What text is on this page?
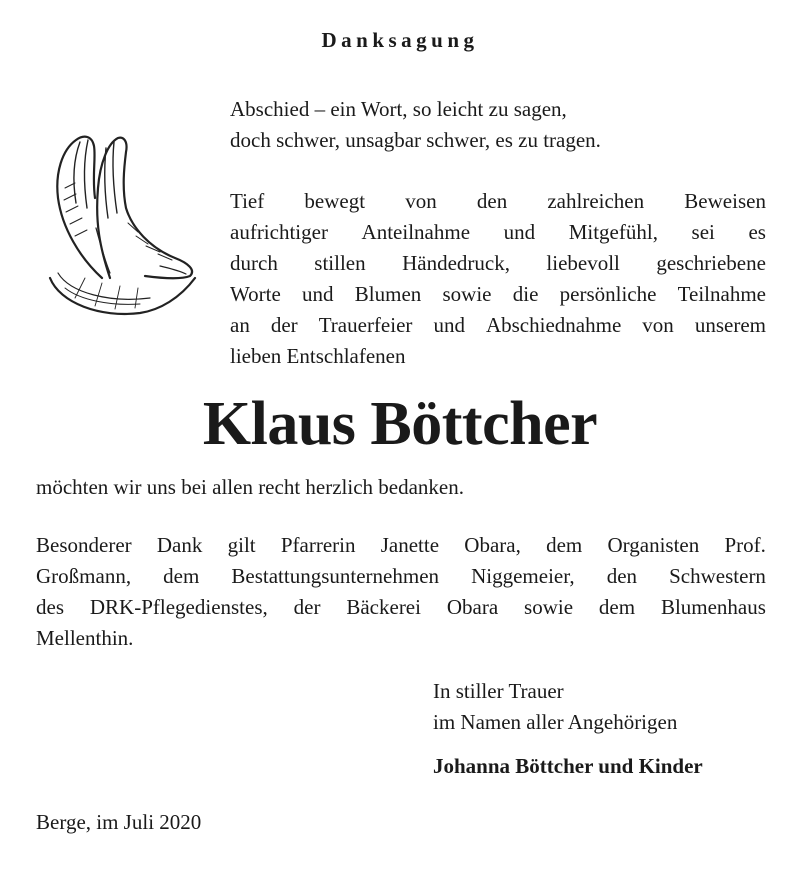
Danksagung
Abschied – ein Wort, so leicht zu sagen,
doch schwer, unsagbar schwer, es zu tragen.
Tief bewegt von den zahlreichen Beweisen
aufrichtiger Anteilnahme und Mitgefühl, sei es
durch stillen Händedruck, liebevoll geschriebene
Worte und Blumen sowie die persönliche Teilnahme
an der Trauerfeier und Abschiednahme von unserem
lieben Entschlafenen
Klaus Böttcher
möchten wir uns bei allen recht herzlich bedanken.
Besonderer Dank gilt Pfarrerin Janette Obara, dem Organisten Prof.
Großmann, dem Bestattungsunternehmen Niggemeier, den Schwestern
des DRK-Pflegedienstes, der Bäckerei Obara sowie dem Blumenhaus
Mellenthin.
In stiller Trauer
im Namen aller Angehörigen
Johanna Böttcher und Kinder
Berge, im Juli 2020
